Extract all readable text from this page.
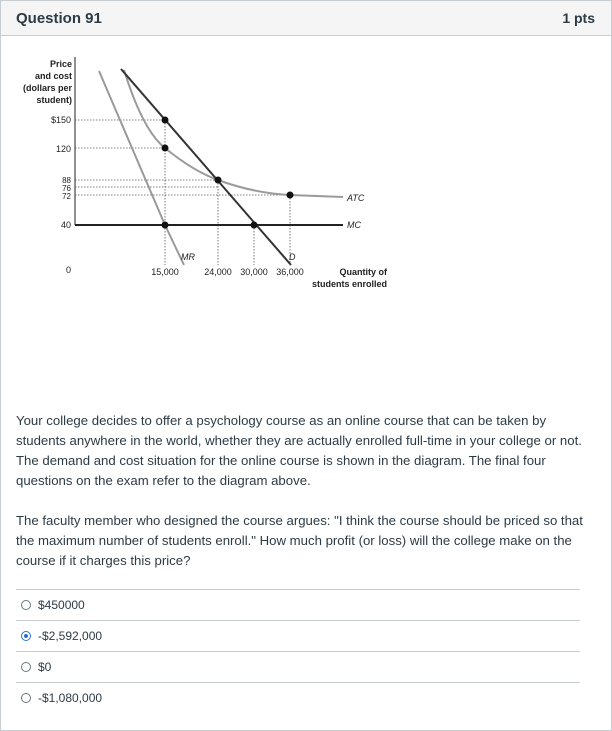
Question 91	1 pts
Price
and cost
(dollars per
student)
$150
120
88
76
72
40
0
ATC
MC
MR	D
15,000	24,000 30,000 36,000	Quantity of
students enrolled

Your college decides to offer a psychology course as an online course that can be taken by students anywhere in the world, whether they are actually enrolled full-time in your college or not. The demand and cost situation for the online course is shown in the diagram. The final four questions on the exam refer to the diagram above.

The faculty member who designed the course argues: "I think the course should be priced so that the maximum number of students enroll." How much profit (or loss) will the college make on the course if it charges this price?

$450000
-$2,592,000
$0
-$1,080,000
